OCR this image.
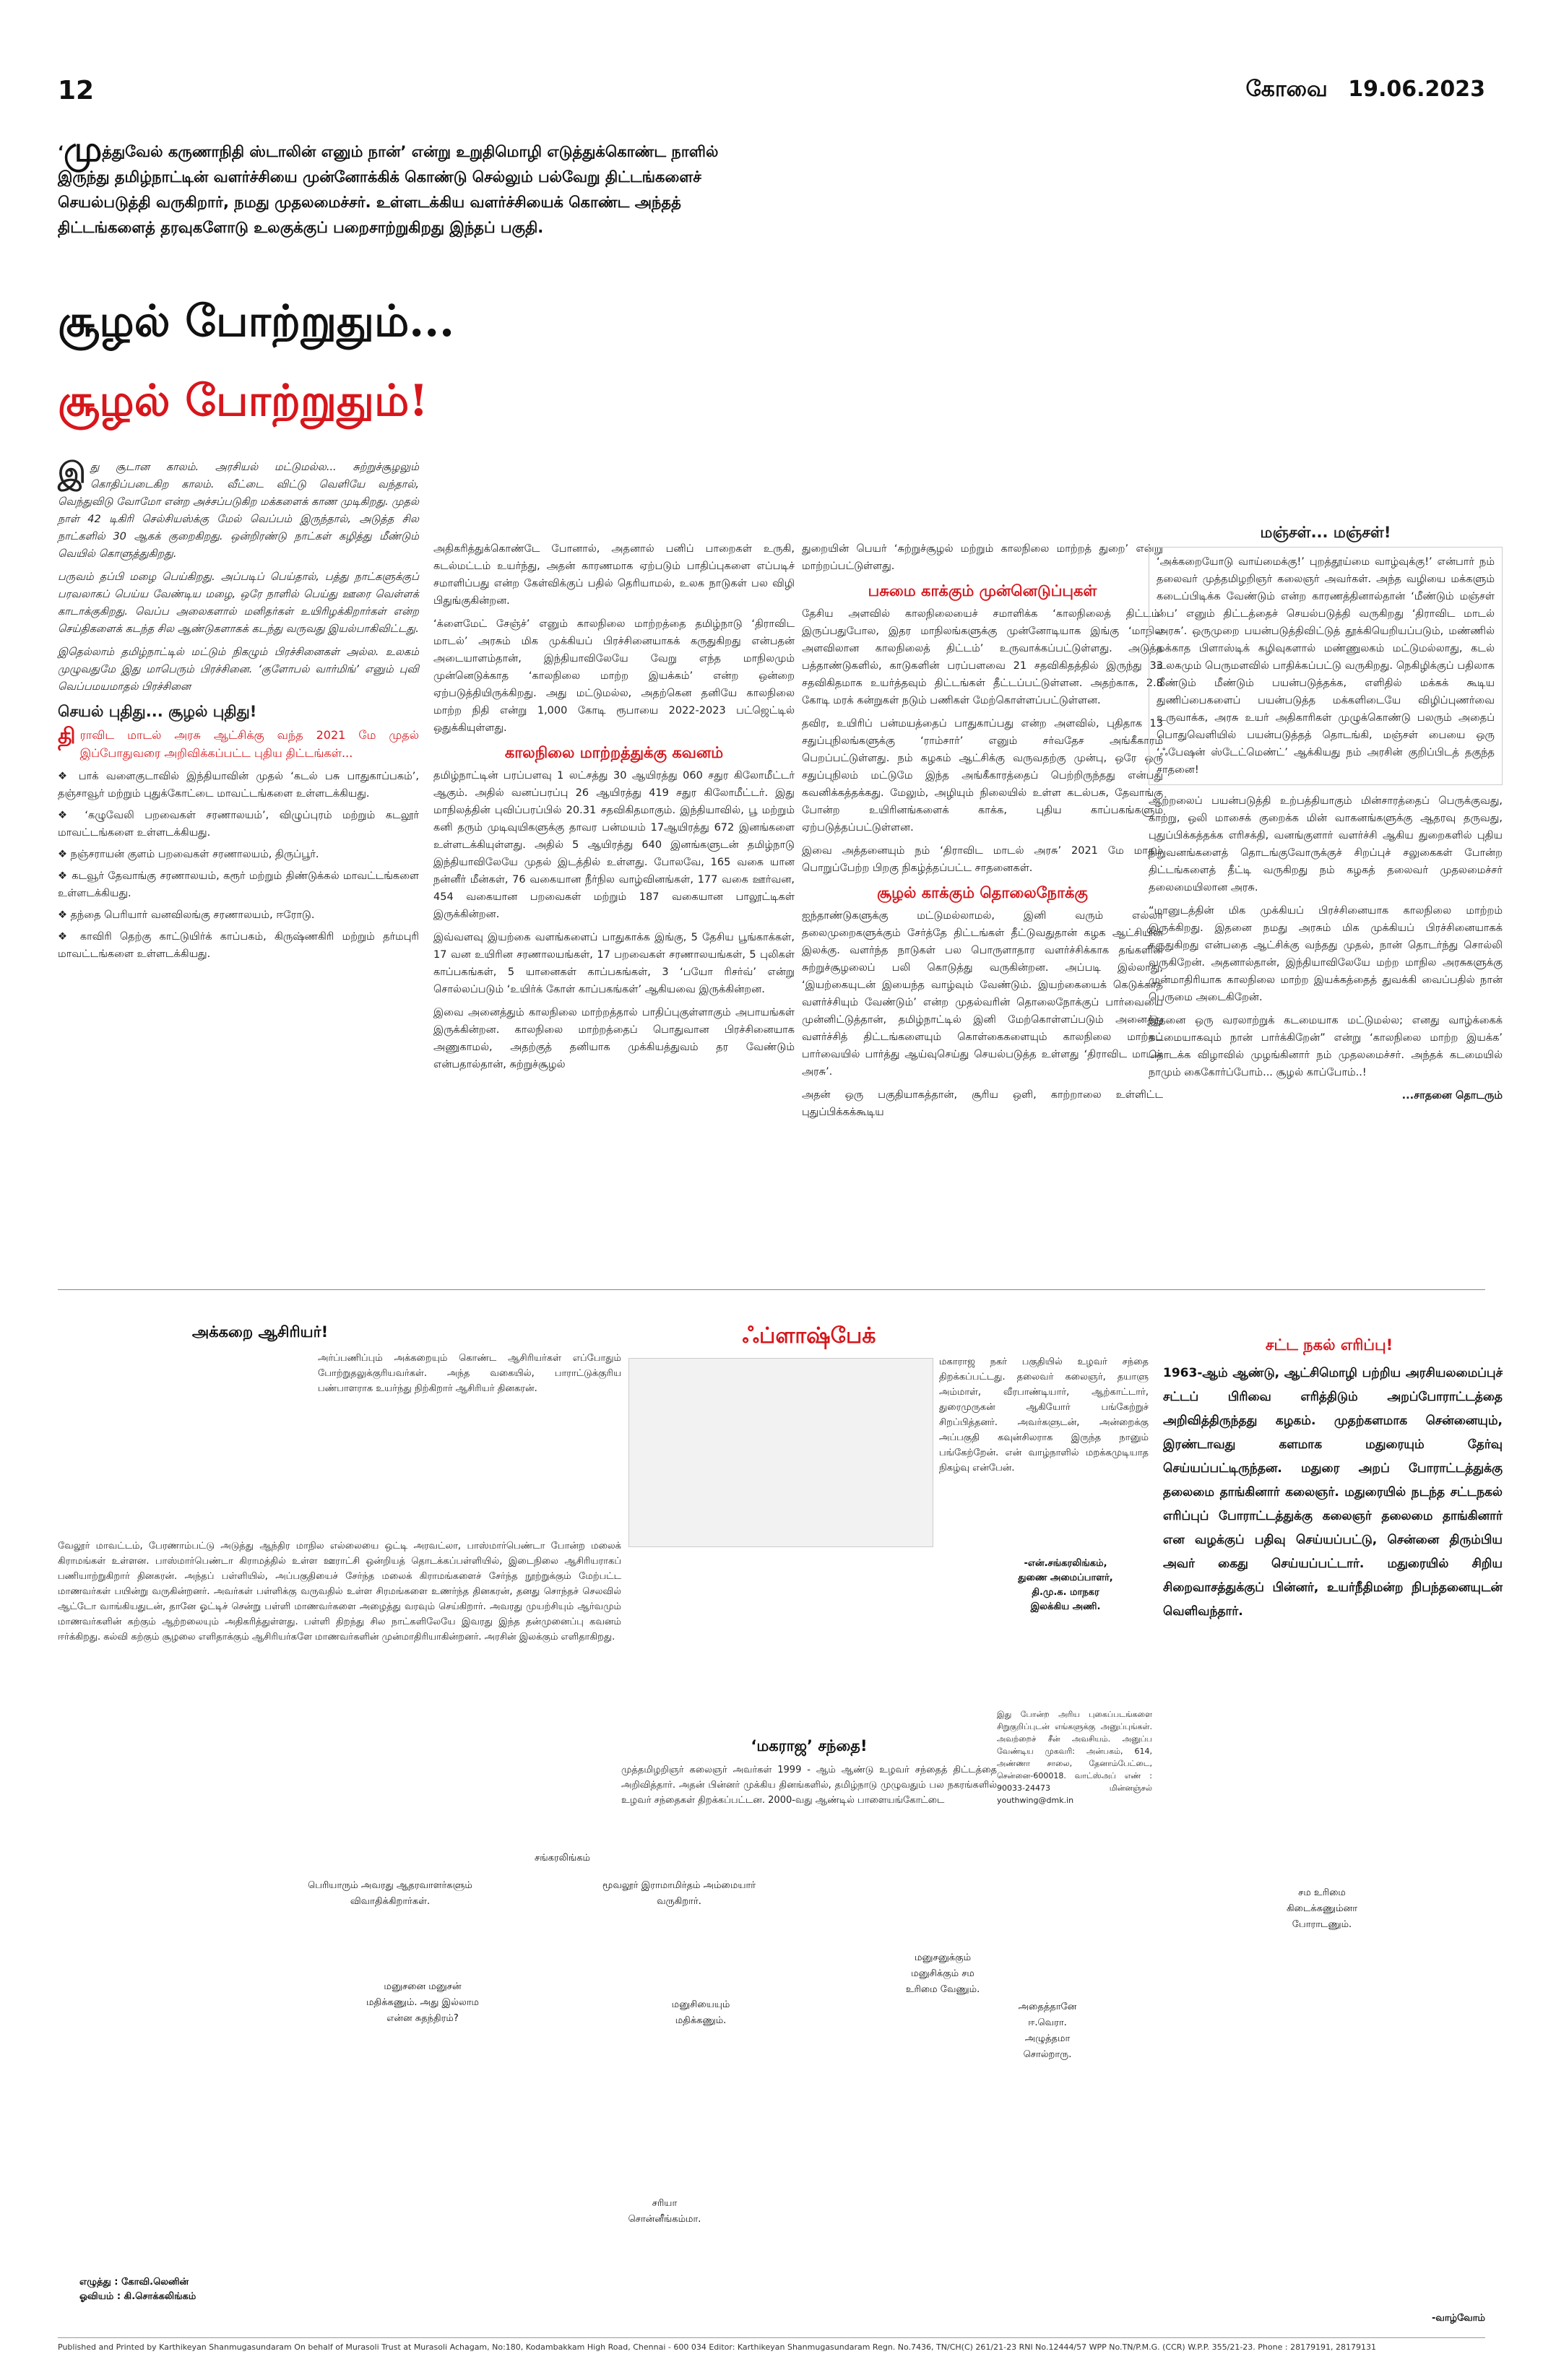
12	கோவை 19.06.2023
‘முத்துவேல் கருணாநிதி ஸ்டாலின் எனும் நான்’ என்று உறுதிமொழி எடுத்துக்கொண்ட நாளில் இருந்து தமிழ்நாட்டின் வளர்ச்சியை முன்னோக்கிக் கொண்டு செல்லும் பல்வேறு திட்டங்களைச் செயல்படுத்தி வருகிறார், நமது முதலமைச்சர். உள்ளடக்கிய வளர்ச்சியைக் கொண்ட அந்தத் திட்டங்களைத் தரவுகளோடு உலகுக்குப் பறைசாற்றுகிறது இந்தப் பகுதி.
சூழல் போற்றுதும்...
சூழல் போற்றுதும்!

இது சூடான காலம். அரசியல் மட்டுமல்ல... சுற்றுச்சூழலும் கொதிப்படைகிற காலம். வீட்டை விட்டு வெளியே வந்தால், வெந்துவிடு வோமோ என்ற அச்சப்படுகிற மக்களைக் காண முடிகிறது. முதல் நாள் 42 டிகிரி செல்சியஸ்க்கு மேல் வெப்பம் இருந்தால், அடுத்த சில நாட்களில் 30 ஆகக் குறைகிறது. ஒன்றிரண்டு நாட்கள் கழித்து மீண்டும் வெயில் கொளுத்துகிறது.

பருவம் தப்பி மழை பெய்கிறது. அப்படிப் பெய்தால், பத்து நாட்களுக்குப் பரவலாகப் பெய்ய வேண்டிய மழை, ஒரே நாளில் பெய்து ஊரை வெள்ளக் காடாக்குகிறது. வெப்ப அலைகளால் மனிதர்கள் உயிரிழக்கிறார்கள் என்ற செய்திகளைக் கடந்த சில ஆண்டுகளாகக் கடந்து வருவது இயல்பாகிவிட்டது.

இதெல்லாம் தமிழ்நாட்டில் மட்டும் நிகழும் பிரச்சினைகள் அல்ல. உலகம் முழுவதுமே இது மாபெரும் பிரச்சினை. ‘குளோபல் வார்மிங்’ எனும் புவி வெப்பமயமாதல் பிரச்சினை

செயல் புதிது... சூழல் புதிது!

திராவிட மாடல் அரசு ஆட்சிக்கு வந்த 2021 மே முதல் இப்போதுவரை அறிவிக்கப்பட்ட புதிய திட்டங்கள்...

❖ பாக் வளைகுடாவில் இந்தியாவின் முதல் ‘கடல் பசு பாதுகாப்பகம்’, தஞ்சாவூர் மற்றும் புதுக்கோட்டை மாவட்டங்களை உள்ளடக்கியது.
❖ ‘கழுவேலி பறவைகள் சரணாலயம்’, விழுப்புரம் மற்றும் கடலூர் மாவட்டங்களை உள்ளடக்கியது.
❖ நஞ்சராயன் குளம் பறவைகள் சரணாலயம், திருப்பூர்.
❖ கடவூர் தேவாங்கு சரணாலயம், கரூர் மற்றும் திண்டுக்கல் மாவட்டங்களை உள்ளடக்கியது.
❖ தந்தை பெரியார் வனவிலங்கு சரணாலயம், ஈரோடு.
❖ காவிரி தெற்கு காட்டுயிர்க் காப்பகம், கிருஷ்ணகிரி மற்றும் தர்மபுரி மாவட்டங்களை உள்ளடக்கியது.

அதிகரித்துக்கொண்டே போனால், அதனால் பனிப் பாறைகள் உருகி, கடல்மட்டம் உயர்ந்து, அதன் காரணமாக ஏற்படும் பாதிப்புகளை எப்படிச் சமாளிப்பது என்ற கேள்விக்குப் பதில் தெரியாமல், உலக நாடுகள் பல விழி பிதுங்குகின்றன.

‘க்ளைமேட் சேஞ்ச்’ எனும் காலநிலை மாற்றத்தை தமிழ்நாடு ‘திராவிட மாடல்’ அரசும் மிக முக்கியப் பிரச்சினையாகக் கருதுகிறது என்பதன் அடையாளம்தான், இந்தியாவிலேயே வேறு எந்த மாநிலமும் முன்னெடுக்காத ‘காலநிலை மாற்ற இயக்கம்’ என்ற ஒன்றை ஏற்படுத்தியிருக்கிறது. அது மட்டுமல்ல, அதற்கென தனியே காலநிலை மாற்ற நிதி என்று 1,000 கோடி ரூபாயை 2022-2023 பட்ஜெட்டில் ஒதுக்கியுள்ளது.

காலநிலை மாற்றத்துக்கு கவனம்

தமிழ்நாட்டின் பரப்பளவு 1 லட்சத்து 30 ஆயிரத்து 060 சதுர கிலோமீட்டர் ஆகும். அதில் வனப்பரப்பு 26 ஆயிரத்து 419 சதுர கிலோமீட்டர். இது மாநிலத்தின் புவிப்பரப்பில் 20.31 சதவிகிதமாகும். இந்தியாவில், பூ மற்றும் கனி தரும் முடிவுயிகளுக்கு தாவர பன்மயம் 17ஆயிரத்து 672 இனங்களை உள்ளடக்கியுள்ளது. அதில் 5 ஆயிரத்து 640 இனங்களுடன் தமிழ்நாடு இந்தியாவிலேயே முதல் இடத்தில் உள்ளது. போலவே, 165 வகை யான நன்னீர் மீன்கள், 76 வகையான நீர்நில வாழ்வினங்கள், 177 வகை ஊர்வன, 454 வகையான பறவைகள் மற்றும் 187 வகையான பாலூட்டிகள் இருக்கின்றன.

இவ்வளவு இயற்கை வளங்களைப் பாதுகாக்க இங்கு, 5 தேசிய பூங்காக்கள், 17 வன உயிரின சரணாலயங்கள், 17 பறவைகள் சரணாலயங்கள், 5 புலிகள் காப்பகங்கள், 5 யானைகள் காப்பகங்கள், 3 ‘பயோ ரிசர்வ்’ என்று சொல்லப்படும் ‘உயிர்க் கோள் காப்பகங்கள்’ ஆகியவை இருக்கின்றன.

இவை அனைத்தும் காலநிலை மாற்றத்தால் பாதிப்புகுள்ளாகும் அபாயங்கள் இருக்கின்றன. காலநிலை மாற்றத்தைப் பொதுவான பிரச்சினையாக அணுகாமல், அதற்குத் தனியாக முக்கியத்துவம் தர வேண்டும் என்பதால்தான், சுற்றுச்சூழல்

துறையின் பெயர் ‘சுற்றுச்சூழல் மற்றும் காலநிலை மாற்றத் துறை’ என்று மாற்றப்பட்டுள்ளது.

பசுமை காக்கும் முன்னெடுப்புகள்

தேசிய அளவில் காலநிலையைச் சமாளிக்க ‘காலநிலைத் திட்டம்’ இருப்பதுபோல, இதர மாநிலங்களுக்கு முன்னோடியாக இங்கு ‘மாநில அளவிலான காலநிலைத் திட்டம்’ உருவாக்கப்பட்டுள்ளது. அடுத்த பத்தாண்டுகளில், காடுகளின் பரப்பளவை 21 சதவிகிதத்தில் இருந்து 33 சதவிகிதமாக உயர்த்தவும் திட்டங்கள் தீட்டப்பட்டுள்ளன. அதற்காக, 2.8 கோடி மரக் கன்றுகள் நடும் பணிகள் மேற்கொள்ளப்பட்டுள்ளன.

தவிர, உயிரிப் பன்மயத்தைப் பாதுகாப்பது என்ற அளவில், புதிதாக 13 சதுப்புநிலங்களுக்கு ‘ராம்சார்’ எனும் சர்வதேச அங்கீகாரம் பெறப்பட்டுள்ளது. நம் கழகம் ஆட்சிக்கு வருவதற்கு முன்பு, ஒரே ஒரு சதுப்புநிலம் மட்டுமே இந்த அங்கீகாரத்தைப் பெற்றிருந்தது என்பது கவனிக்கத்தக்கது. மேலும், அழியும் நிலையில் உள்ள கடல்பசு, தேவாங்கு போன்ற உயிரினங்களைக் காக்க, புதிய காப்பகங்களும் ஏற்படுத்தப்பட்டுள்ளன.

இவை அத்தனையும் நம் ‘திராவிட மாடல் அரசு’ 2021 மே மாதம் பொறுப்பேற்ற பிறகு நிகழ்த்தப்பட்ட சாதனைகள்.

சூழல் காக்கும் தொலைநோக்கு

ஐந்தாண்டுகளுக்கு மட்டுமல்லாமல், இனி வரும் எல்லா தலைமுறைகளுக்கும் சேர்த்தே திட்டங்கள் தீட்டுவதுதான் கழக ஆட்சியின் இலக்கு. வளர்ந்த நாடுகள் பல பொருளாதார வளர்ச்சிக்காக தங்களின் சுற்றுச்சூழலைப் பலி கொடுத்து வருகின்றன. அப்படி இல்லாது, ‘இயற்கையுடன் இயைந்த வாழ்வும் வேண்டும். இயற்கையைக் கெடுக்காத வளர்ச்சியும் வேண்டும்’ என்ற முதல்வரின் தொலைநோக்குப் பார்வையை முன்னிட்டுத்தான், தமிழ்நாட்டில் இனி மேற்கொள்ளப்படும் அனைத்து வளர்ச்சித் திட்டங்களையும் கொள்கைகளையும் காலநிலை மாற்றப் பார்வையில் பார்த்து ஆய்வுசெய்து செயல்படுத்த உள்ளது ‘திராவிட மாடல் அரசு’.

அதன் ஒரு பகுதியாகத்தான், சூரிய ஒளி, காற்றாலை உள்ளிட்ட புதுப்பிக்கக்கூடிய

மஞ்சள்... மஞ்சள்!

‘அக்கறையோடு வாய்மைக்கு!’ புறத்தூய்மை வாழ்வுக்கு!’ என்பார் நம் தலைவர் முத்தமிழறிஞர் கலைஞர் அவர்கள். அந்த வழியை மக்களும் கடைப்பிடிக்க வேண்டும் என்ற காரணத்தினால்தான் ‘மீண்டும் மஞ்சள் பை’ எனும் திட்டத்தைச் செயல்படுத்தி வருகிறது ‘திராவிட மாடல் அரசு’. ஒருமுறை பயன்படுத்திவிட்டுத் தூக்கியெறியப்படும், மண்ணில் மக்காத பிளாஸ்டிக் கழிவுகளால் மண்ணுலகம் மட்டுமல்லாது, கடல் உலகமும் பெருமளவில் பாதிக்கப்பட்டு வருகிறது. நெகிழிக்குப் பதிலாக மீண்டும் மீண்டும் பயன்படுத்தக்க, எளிதில் மக்கக் கூடிய துணிப்பைகளைப் பயன்படுத்த மக்களிடையே விழிப்புணர்வை உருவாக்க, அரசு உயர் அதிகாரிகள் முழுக்கொண்டு பலரும் அதைப் பொதுவெளியில் பயன்படுத்தத் தொடங்கி, மஞ்சள் பையை ஒரு ‘ஃபேஷன் ஸ்டேட்மெண்ட்’ ஆக்கியது நம் அரசின் குறிப்பிடத் தகுந்த சாதனை!

ஆற்றலைப் பயன்படுத்தி உற்பத்தியாகும் மின்சாரத்தைப் பெருக்குவது, காற்று, ஒலி மாசைக் குறைக்க மின் வாகனங்களுக்கு ஆதரவு தருவது, புதுப்பிக்கத்தக்க எரிசக்தி, வனங்குளார் வளர்ச்சி ஆகிய துறைகளில் புதிய நிறுவனங்களைத் தொடங்குவோருக்குச் சிறப்புச் சலுகைகள் போன்ற திட்டங்களைத் தீட்டி வருகிறது நம் கழகத் தலைவர் முதலமைச்சர் தலைமையிலான அரசு.

“மானுடத்தின் மிக முக்கியப் பிரச்சினையாக காலநிலை மாற்றம் இருக்கிறது. இதனை நமது அரசும் மிக முக்கியப் பிரச்சினையாகக் கருதுகிறது என்பதை ஆட்சிக்கு வந்தது முதல், நான் தொடர்ந்து சொல்லி வருகிறேன். அதனால்தான், இந்தியாவிலேயே மற்ற மாநில அரசுகளுக்கு முன்மாதிரியாக காலநிலை மாற்ற இயக்கத்தைத் துவக்கி வைப்பதில் நான் பெருமை அடைகிறேன்.

இதனை ஒரு வரலாற்றுக் கடமையாக மட்டுமல்ல; எனது வாழ்க்கைக் கடமையாகவும் நான் பார்க்கிறேன்” என்று ‘காலநிலை மாற்ற இயக்க’ தொடக்க விழாவில் முழங்கினார் நம் முதலமைச்சர். அந்தக் கடமையில் நாமும் கைகோர்ப்போம்... சூழல் காப்போம்..!

...சாதனை தொடரும்

அக்கறை ஆசிரியர்!
அர்ப்பணிப்பும் அக்கறையும் கொண்ட ஆசிரியர்கள் எப்போதும் போற்றுதலுக்குரியவர்கள். அந்த வகையில், பாராட்டுக்குரிய பண்பாளராக உயர்ந்து நிற்கிறார் ஆசிரியர் தினகரன்.
வேலூர் மாவட்டம், பேரணாம்பட்டு அடுத்து ஆந்திர மாநில எல்லையை ஒட்டி அரவட்லா, பாஸ்மார்பெண்டா போன்ற மலைக் கிராமங்கள் உள்ளன. பாஸ்மார்பெண்டா கிராமத்தில் உள்ள ஊராட்சி ஒன்றியத் தொடக்கப்பள்ளியில், இடைநிலை ஆசிரியராகப் பணியாற்றுகிறார் தினகரன். அந்தப் பள்ளியில், அப்பகுதியைச் சேர்ந்த மலைக் கிராமங்களைச் சேர்ந்த நூற்றுக்கும் மேற்பட்ட மாணவர்கள் பயின்று வருகின்றனர். அவர்கள் பள்ளிக்கு வருவதில் உள்ள சிரமங்களை உணர்ந்த தினகரன், தனது சொந்தச் செலவில் ஆட்டோ வாங்கியதுடன், தானே ஓட்டிச் சென்று பள்ளி மாணவர்களை அழைத்து வரவும் செய்கிறார். அவரது முயற்சியும் ஆர்வமும் மாணவர்களின் கற்கும் ஆற்றலையும் அதிகரித்துள்ளது. பள்ளி திறந்து சில நாட்களிலேயே இவரது இந்த தன்முனைப்பு கவனம் ஈர்க்கிறது. கல்வி கற்கும் சூழலை எளிதாக்கும் ஆசிரியர்களே மாணவர்களின் முன்மாதிரியாகின்றனர். அரசின் இலக்கும் எளிதாகிறது.
ஃப்ளாஷ்பேக்
மகாராஜ நகர் பகுதியில் உழவர் சந்தை திறக்கப்பட்டது. தலைவர் கலைஞர், தயாளு அம்மாள், வீரபாண்டியார், ஆற்காட்டார், துரைமுருகன் ஆகியோர் பங்கேற்றுச் சிறப்பித்தனர். அவர்களுடன், அன்றைக்கு அப்பகுதி கவுன்சிலராக இருந்த நானும் பங்கேற்றேன். என் வாழ்நாளில் மறக்கமுடியாத நிகழ்வு என்பேன்.
-என்.சங்கரலிங்கம்,
துணை அமைப்பாளர்,
தி.மு.க. மாநகர
இலக்கிய அணி.
இது போன்ற அரிய புகைப்படங்களை சிறுகுறிப்புடன் எங்களுக்கு அனுப்புங்கள். அவற்றைச் சீன் அவசியம். அனுப்ப வேண்டிய முகவரி: அன்பகம், 614, அண்ணா சாலை, தேனாம்பேட்டை, சென்னை-600018. வாட்ஸ்அப் எண் : 90033-24473 மின்னஞ்சல் youthwing@dmk.in
‘மகராஜ’ சந்தை!
முத்தமிழறிஞர் கலைஞர் அவர்கள் 1999 - ஆம் ஆண்டு உழவர் சந்தைத் திட்டத்தை அறிவித்தார். அதன் பின்னர் முக்கிய தினங்களில், தமிழ்நாடு முழுவதும் பல நகரங்களில் உழவர் சந்தைகள் திறக்கப்பட்டன. 2000-வது ஆண்டில் பாளையங்கோட்டை
சங்கரலிங்கம்
சட்ட நகல் எரிப்பு!
1963-ஆம் ஆண்டு, ஆட்சிமொழி பற்றிய அரசியலமைப்புச் சட்டப் பிரிவை எரித்திடும் அறப்போராட்டத்தை அறிவித்திருந்தது கழகம். முதற்களமாக சென்னையும், இரண்டாவது களமாக மதுரையும் தேர்வு செய்யப்பட்டிருந்தன. மதுரை அறப் போராட்டத்துக்கு தலைமை தாங்கினார் கலைஞர். மதுரையில் நடந்த சட்டநகல் எரிப்புப் போராட்டத்துக்கு கலைஞர் தலைமை தாங்கினார் என வழக்குப் பதிவு செய்யப்பட்டு, சென்னை திரும்பிய அவர் கைது செய்யப்பட்டார். மதுரையில் சிறிய சிறைவாசத்துக்குப் பின்னர், உயர்நீதிமன்ற நிபந்தனையுடன் வெளிவந்தார்.
பெரியாரும் அவரது ஆதரவாளர்களும் விவாதிக்கிறார்கள்.
மூவலூர் இராமாமிர்தம் அம்மையார் வருகிறார்.
மனுசனை மனுசன் மதிக்கணும். அது இல்லாம என்ன சுதந்திரம்?
மனுசியையும் மதிக்கணும்.
மனுசனுக்கும் மனுசிக்கும் சம உரிமை வேணும்.
அதைத்தானே ஈ.வெரா. அழுத்தமா சொல்றாரு.
சம உரிமை கிடைக்கணும்னா போராடணும்.
சரியா சொன்னீங்கம்மா.
எழுத்து : கோவி.லெனின்
ஓவியம் : கி.சொக்கலிங்கம்
-வாழ்வோம்
Published and Printed by Karthikeyan Shanmugasundaram On behalf of Murasoli Trust at Murasoli Achagam, No:180, Kodambakkam High Road, Chennai - 600 034 Editor: Karthikeyan Shanmugasundaram Regn. No.7436, TN/CH(C) 261/21-23 RNI No.12444/57 WPP No.TN/P.M.G. (CCR) W.P.P. 355/21-23. Phone : 28179191, 28179131
